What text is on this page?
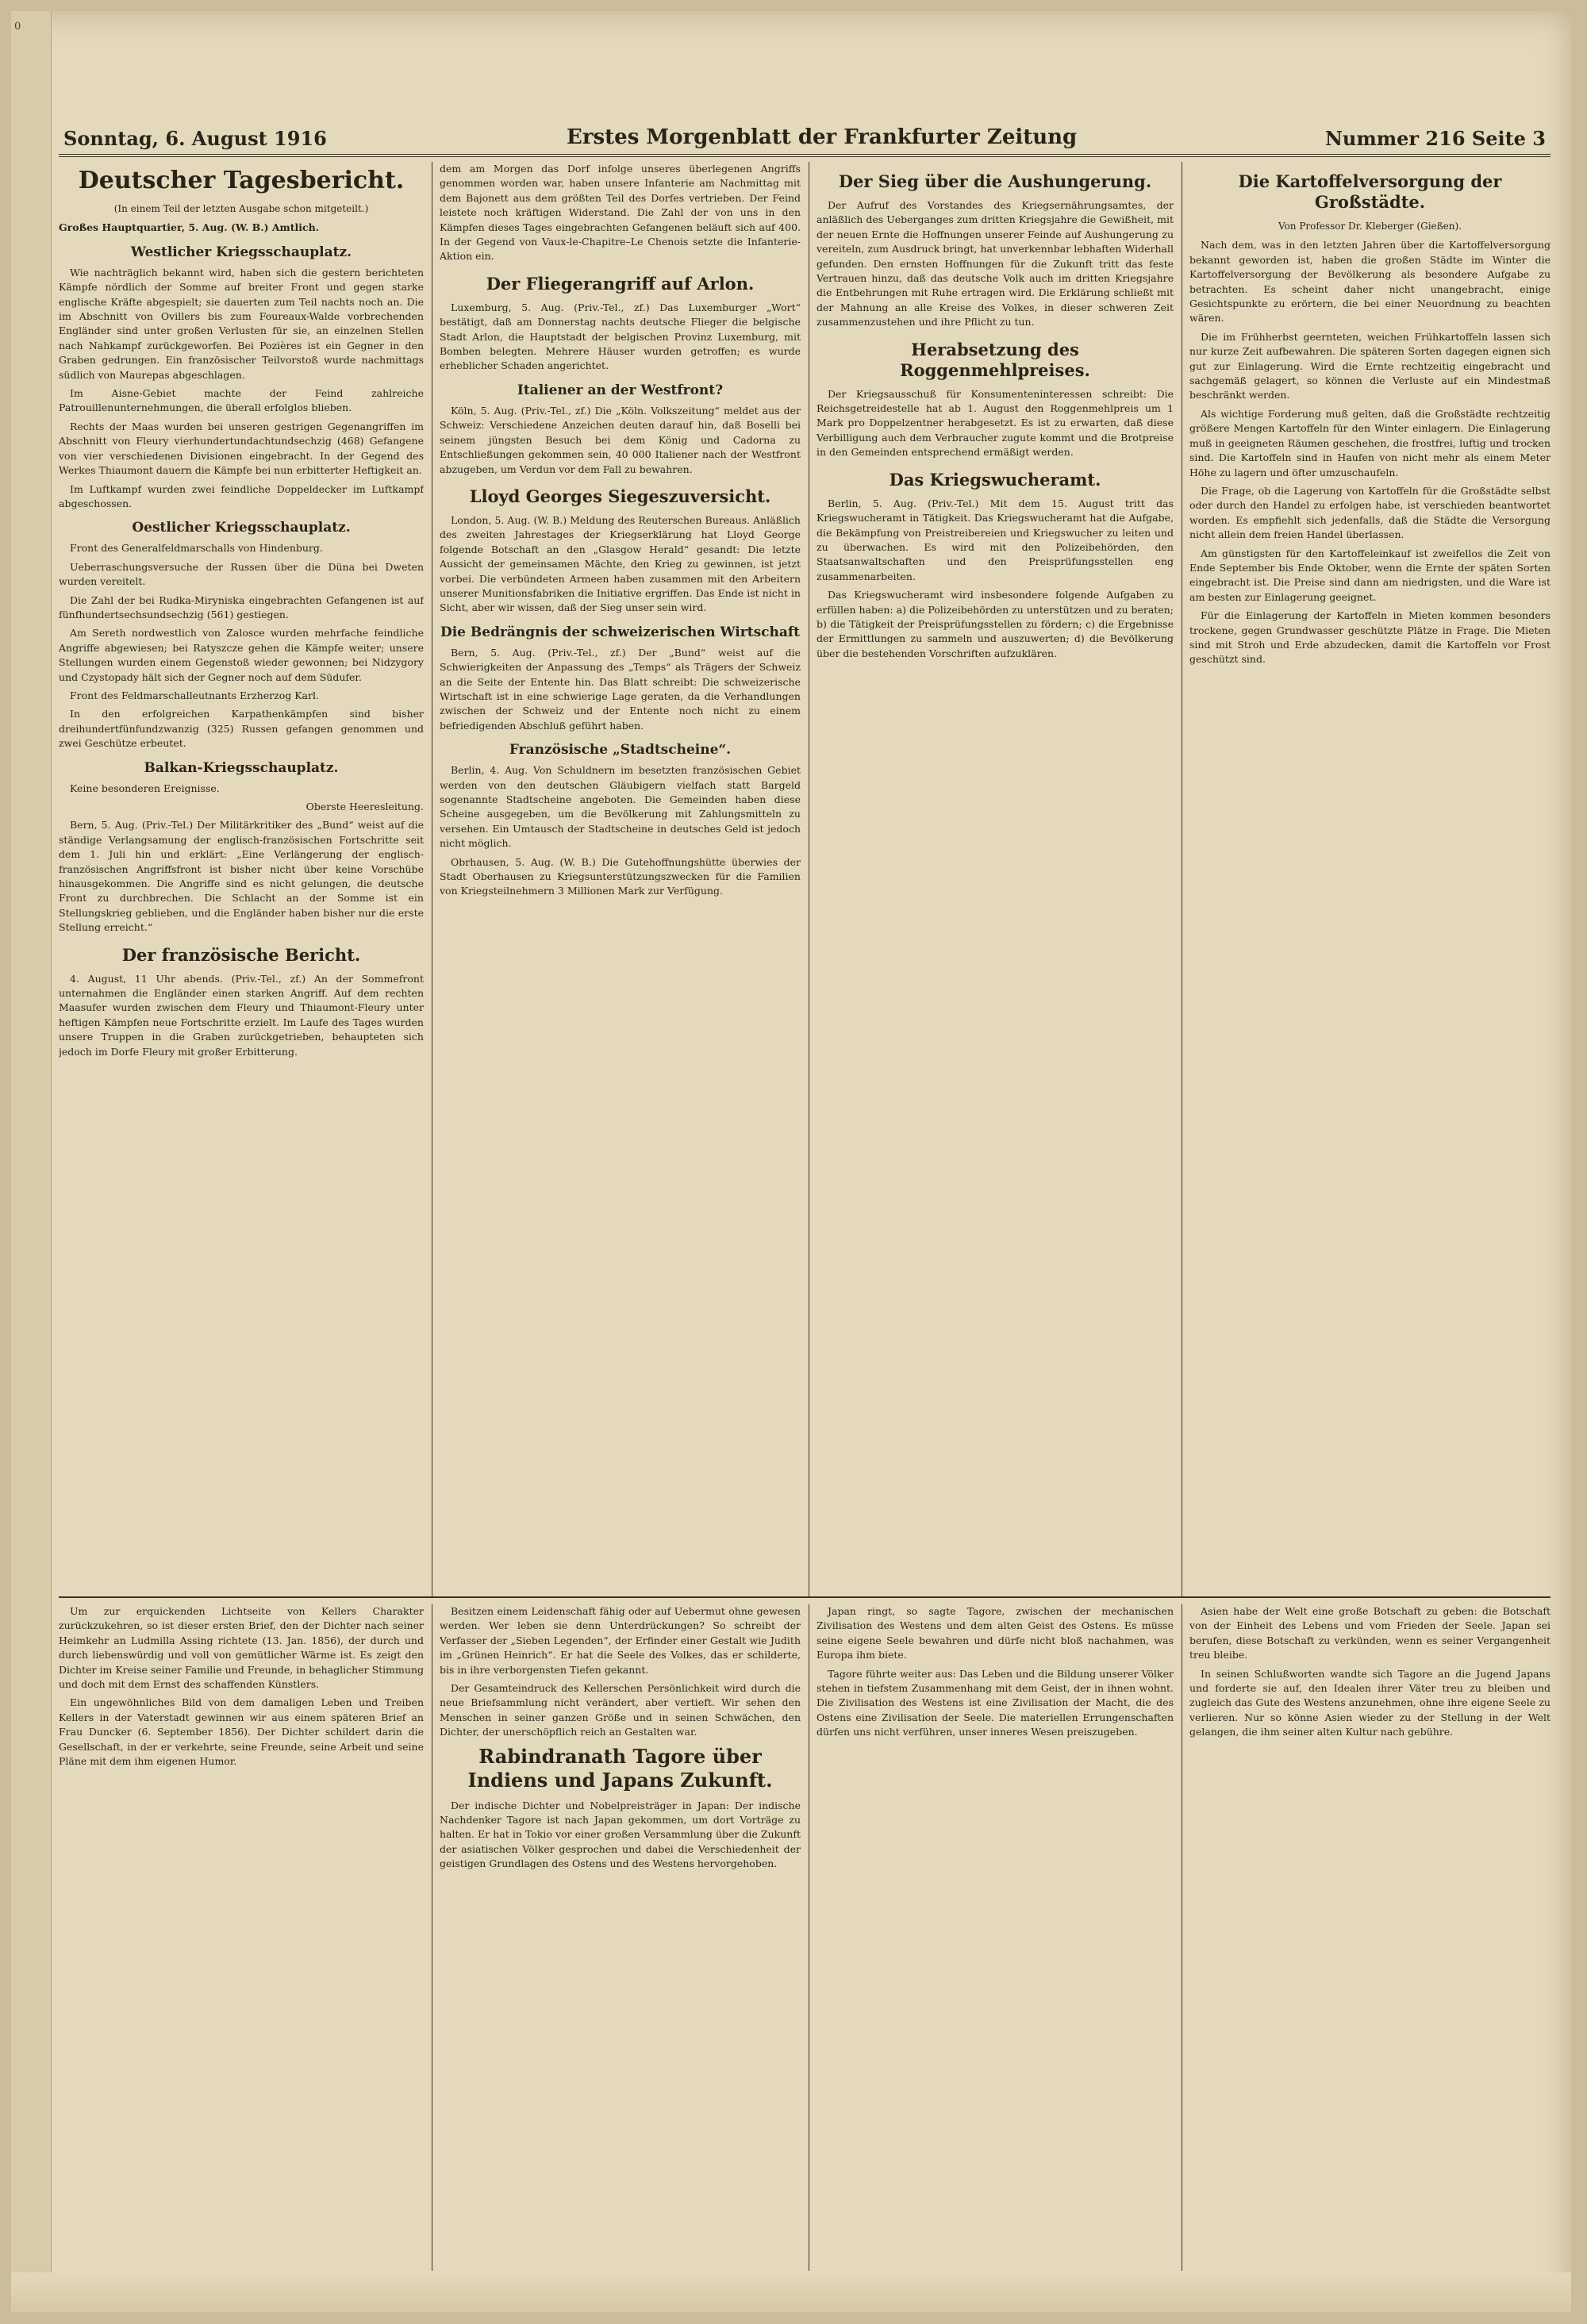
0
Sonntag, 6. August 1916	Erstes Morgenblatt der Frankfurter Zeitung	Nummer 216 Seite 3
Deutscher Tagesbericht.
(In einem Teil der letzten Ausgabe schon mitgeteilt.)

Großes Hauptquartier, 5. Aug. (W. B.) Amtlich.

Westlicher Kriegsschauplatz.

Wie nachträglich bekannt wird, haben sich die gestern berichteten Kämpfe nördlich der Somme auf breiter Front und gegen starke englische Kräfte abgespielt; sie dauerten zum Teil nachts noch an. Die im Abschnitt von Ovillers bis zum Foureaux-Walde vorbrechenden Engländer sind unter großen Verlusten für sie, an einzelnen Stellen nach Nahkampf zurückgeworfen. Bei Pozières ist ein Gegner in den Graben gedrungen. Ein französischer Teilvorstoß wurde nachmittags südlich von Maurepas abgeschlagen.

Im Aisne-Gebiet machte der Feind zahlreiche Patrouillenunternehmungen, die überall erfolglos blieben.

Rechts der Maas wurden bei unseren gestrigen Gegenangriffen im Abschnitt von Fleury vierhundertundachtundsechzig (468) Gefangene von vier verschiedenen Divisionen eingebracht. In der Gegend des Werkes Thiaumont dauern die Kämpfe bei nun erbitterter Heftigkeit an.

Im Luftkampf wurden zwei feindliche Doppeldecker im Luftkampf abgeschossen.

Oestlicher Kriegsschauplatz.

Front des Generalfeldmarschalls von Hindenburg.

Ueberraschungsversuche der Russen über die Düna bei Dweten wurden vereitelt.

Die Zahl der bei Rudka-Miryniska eingebrachten Gefangenen ist auf fünfhundertsechsundsechzig (561) gestiegen.

Am Sereth nordwestlich von Zalosce wurden mehrfache feindliche Angriffe abgewiesen; bei Ratyszcze gehen die Kämpfe weiter; unsere Stellungen wurden einem Gegenstoß wieder gewonnen; bei Nidzygory und Czystopady hält sich der Gegner noch auf dem Südufer.

Front des Feldmarschalleutnants Erzherzog Karl.

In den erfolgreichen Karpathenkämpfen sind bisher dreihundertfünfundzwanzig (325) Russen gefangen genommen und zwei Geschütze erbeutet.

Balkan-Kriegsschauplatz.

Keine besonderen Ereignisse.

Oberste Heeresleitung.

Bern, 5. Aug. (Priv.-Tel.) Der Militärkritiker des „Bund“ weist auf die ständige Verlangsamung der englisch-französischen Fortschritte seit dem 1. Juli hin und erklärt: „Eine Verlängerung der englisch-französischen Angriffsfront ist bisher nicht über keine Vorschübe hinausgekommen. Die Angriffe sind es nicht gelungen, die deutsche Front zu durchbrechen. Die Schlacht an der Somme ist ein Stellungskrieg geblieben, und die Engländer haben bisher nur die erste Stellung erreicht.“

Der französische Bericht.

4. August, 11 Uhr abends. (Priv.-Tel., zf.) An der Sommefront unternahmen die Engländer einen starken Angriff. Auf dem rechten Maasufer wurden zwischen dem Fleury und Thiaumont-Fleury unter heftigen Kämpfen neue Fortschritte erzielt. Im Laufe des Tages wurden unsere Truppen in die Graben zurückgetrieben, behaupteten sich jedoch im Dorfe Fleury mit großer Erbitterung.

dem am Morgen das Dorf infolge unseres überlegenen Angriffs genommen worden war, haben unsere Infanterie am Nachmittag mit dem Bajonett aus dem größten Teil des Dorfes vertrieben. Der Feind leistete noch kräftigen Widerstand. Die Zahl der von uns in den Kämpfen dieses Tages eingebrachten Gefangenen beläuft sich auf 400. In der Gegend von Vaux-le-Chapitre–Le Chenois setzte die Infanterie-Aktion ein.

Der Fliegerangriff auf Arlon.

Luxemburg, 5. Aug. (Priv.-Tel., zf.) Das Luxemburger „Wort“ bestätigt, daß am Donnerstag nachts deutsche Flieger die belgische Stadt Arlon, die Hauptstadt der belgischen Provinz Luxemburg, mit Bomben belegten. Mehrere Häuser wurden getroffen; es wurde erheblicher Schaden angerichtet.

Italiener an der Westfront?

Köln, 5. Aug. (Priv.-Tel., zf.) Die „Köln. Volkszeitung“ meldet aus der Schweiz: Verschiedene Anzeichen deuten darauf hin, daß Boselli bei seinem jüngsten Besuch bei dem König und Cadorna zu Entschließungen gekommen sein, 40 000 Italiener nach der Westfront abzugeben, um Verdun vor dem Fall zu bewahren.

Lloyd Georges Siegeszuversicht.

London, 5. Aug. (W. B.) Meldung des Reuterschen Bureaus. Anläßlich des zweiten Jahrestages der Kriegserklärung hat Lloyd George folgende Botschaft an den „Glasgow Herald“ gesandt: Die letzte Aussicht der gemeinsamen Mächte, den Krieg zu gewinnen, ist jetzt vorbei. Die verbündeten Armeen haben zusammen mit den Arbeitern unserer Munitionsfabriken die Initiative ergriffen. Das Ende ist nicht in Sicht, aber wir wissen, daß der Sieg unser sein wird.

Die Bedrängnis der schweizerischen Wirtschaft

Bern, 5. Aug. (Priv.-Tel., zf.) Der „Bund“ weist auf die Schwierigkeiten der Anpassung des „Temps“ als Trägers der Schweiz an die Seite der Entente hin. Das Blatt schreibt: Die schweizerische Wirtschaft ist in eine schwierige Lage geraten, da die Verhandlungen zwischen der Schweiz und der Entente noch nicht zu einem befriedigenden Abschluß geführt haben.

Französische „Stadtscheine“.

Berlin, 4. Aug. Von Schuldnern im besetzten französischen Gebiet werden von den deutschen Gläubigern vielfach statt Bargeld sogenannte Stadtscheine angeboten. Die Gemeinden haben diese Scheine ausgegeben, um die Bevölkerung mit Zahlungsmitteln zu versehen. Ein Umtausch der Stadtscheine in deutsches Geld ist jedoch nicht möglich.

Obrhausen, 5. Aug. (W. B.) Die Gutehoffnungshütte überwies der Stadt Oberhausen zu Kriegsunterstützungszwecken für die Familien von Kriegsteilnehmern 3 Millionen Mark zur Verfügung.

Der Sieg über die Aushungerung.

Der Aufruf des Vorstandes des Kriegsernährungsamtes, der anläßlich des Ueberganges zum dritten Kriegsjahre die Gewißheit, mit der neuen Ernte die Hoffnungen unserer Feinde auf Aushungerung zu vereiteln, zum Ausdruck bringt, hat unverkennbar lebhaften Widerhall gefunden. Den ernsten Hoffnungen für die Zukunft tritt das feste Vertrauen hinzu, daß das deutsche Volk auch im dritten Kriegsjahre die Entbehrungen mit Ruhe ertragen wird. Die Erklärung schließt mit der Mahnung an alle Kreise des Volkes, in dieser schweren Zeit zusammenzustehen und ihre Pflicht zu tun.

Herabsetzung des Roggenmehlpreises.

Der Kriegsausschuß für Konsumenteninteressen schreibt: Die Reichsgetreidestelle hat ab 1. August den Roggenmehlpreis um 1 Mark pro Doppelzentner herabgesetzt. Es ist zu erwarten, daß diese Verbilligung auch dem Verbraucher zugute kommt und die Brotpreise in den Gemeinden entsprechend ermäßigt werden.

Das Kriegswucheramt.

Berlin, 5. Aug. (Priv.-Tel.) Mit dem 15. August tritt das Kriegswucheramt in Tätigkeit. Das Kriegswucheramt hat die Aufgabe, die Bekämpfung von Preistreibereien und Kriegswucher zu leiten und zu überwachen. Es wird mit den Polizeibehörden, den Staatsanwaltschaften und den Preisprüfungsstellen eng zusammenarbeiten.

Das Kriegswucheramt wird insbesondere folgende Aufgaben zu erfüllen haben: a) die Polizeibehörden zu unterstützen und zu beraten; b) die Tätigkeit der Preisprüfungsstellen zu fördern; c) die Ergebnisse der Ermittlungen zu sammeln und auszuwerten; d) die Bevölkerung über die bestehenden Vorschriften aufzuklären.

Die Kartoffelversorgung der Großstädte.
Von Professor Dr. Kleberger (Gießen).

Nach dem, was in den letzten Jahren über die Kartoffelversorgung bekannt geworden ist, haben die großen Städte im Winter die Kartoffelversorgung der Bevölkerung als besondere Aufgabe zu betrachten. Es scheint daher nicht unangebracht, einige Gesichtspunkte zu erörtern, die bei einer Neuordnung zu beachten wären.

Die im Frühherbst geernteten, weichen Frühkartoffeln lassen sich nur kurze Zeit aufbewahren. Die späteren Sorten dagegen eignen sich gut zur Einlagerung. Wird die Ernte rechtzeitig eingebracht und sachgemäß gelagert, so können die Verluste auf ein Mindestmaß beschränkt werden.

Als wichtige Forderung muß gelten, daß die Großstädte rechtzeitig größere Mengen Kartoffeln für den Winter einlagern. Die Einlagerung muß in geeigneten Räumen geschehen, die frostfrei, luftig und trocken sind. Die Kartoffeln sind in Haufen von nicht mehr als einem Meter Höhe zu lagern und öfter umzuschaufeln.

Die Frage, ob die Lagerung von Kartoffeln für die Großstädte selbst oder durch den Handel zu erfolgen habe, ist verschieden beantwortet worden. Es empfiehlt sich jedenfalls, daß die Städte die Versorgung nicht allein dem freien Handel überlassen.

Am günstigsten für den Kartoffeleinkauf ist zweifellos die Zeit von Ende September bis Ende Oktober, wenn die Ernte der späten Sorten eingebracht ist. Die Preise sind dann am niedrigsten, und die Ware ist am besten zur Einlagerung geeignet.

Für die Einlagerung der Kartoffeln in Mieten kommen besonders trockene, gegen Grundwasser geschützte Plätze in Frage. Die Mieten sind mit Stroh und Erde abzudecken, damit die Kartoffeln vor Frost geschützt sind.

Um zur erquickenden Lichtseite von Kellers Charakter zurückzukehren, so ist dieser ersten Brief, den der Dichter nach seiner Heimkehr an Ludmilla Assing richtete (13. Jan. 1856), der durch und durch liebenswürdig und voll von gemütlicher Wärme ist. Es zeigt den Dichter im Kreise seiner Familie und Freunde, in behaglicher Stimmung und doch mit dem Ernst des schaffenden Künstlers.

Ein ungewöhnliches Bild von dem damaligen Leben und Treiben Kellers in der Vaterstadt gewinnen wir aus einem späteren Brief an Frau Duncker (6. September 1856). Der Dichter schildert darin die Gesellschaft, in der er verkehrte, seine Freunde, seine Arbeit und seine Pläne mit dem ihm eigenen Humor.

Besitzen einem Leidenschaft fähig oder auf Uebermut ohne gewesen werden. Wer leben sie denn Unterdrückungen? So schreibt der Verfasser der „Sieben Legenden“, der Erfinder einer Gestalt wie Judith im „Grünen Heinrich“. Er hat die Seele des Volkes, das er schilderte, bis in ihre verborgensten Tiefen gekannt.

Der Gesamteindruck des Kellerschen Persönlichkeit wird durch die neue Briefsammlung nicht verändert, aber vertieft. Wir sehen den Menschen in seiner ganzen Größe und in seinen Schwächen, den Dichter, der unerschöpflich reich an Gestalten war.

Rabindranath Tagore über Indiens und Japans Zukunft.

Der indische Dichter und Nobelpreisträger in Japan: Der indische Nachdenker Tagore ist nach Japan gekommen, um dort Vorträge zu halten. Er hat in Tokio vor einer großen Versammlung über die Zukunft der asiatischen Völker gesprochen und dabei die Verschiedenheit der geistigen Grundlagen des Ostens und des Westens hervorgehoben.

Japan ringt, so sagte Tagore, zwischen der mechanischen Zivilisation des Westens und dem alten Geist des Ostens. Es müsse seine eigene Seele bewahren und dürfe nicht bloß nachahmen, was Europa ihm biete.

Tagore führte weiter aus: Das Leben und die Bildung unserer Völker stehen in tiefstem Zusammenhang mit dem Geist, der in ihnen wohnt. Die Zivilisation des Westens ist eine Zivilisation der Macht, die des Ostens eine Zivilisation der Seele. Die materiellen Errungenschaften dürfen uns nicht verführen, unser inneres Wesen preiszugeben.

Asien habe der Welt eine große Botschaft zu geben: die Botschaft von der Einheit des Lebens und vom Frieden der Seele. Japan sei berufen, diese Botschaft zu verkünden, wenn es seiner Vergangenheit treu bleibe.

In seinen Schlußworten wandte sich Tagore an die Jugend Japans und forderte sie auf, den Idealen ihrer Väter treu zu bleiben und zugleich das Gute des Westens anzunehmen, ohne ihre eigene Seele zu verlieren. Nur so könne Asien wieder zu der Stellung in der Welt gelangen, die ihm seiner alten Kultur nach gebühre.
